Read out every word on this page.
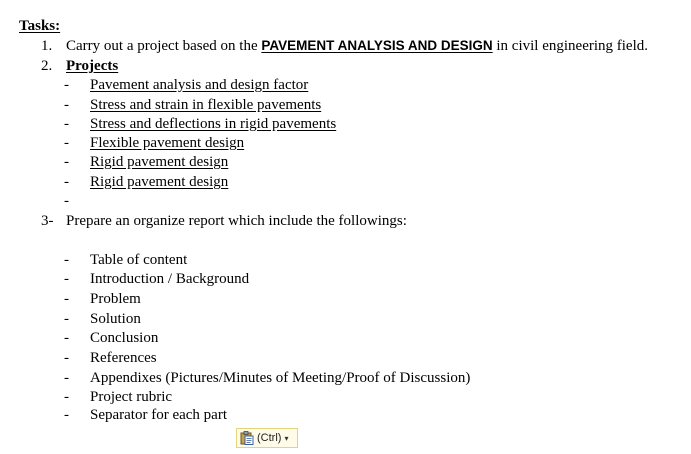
Tasks:
1. Carry out a project based on the PAVEMENT ANALYSIS AND DESIGN in civil engineering field.
2. Projects
- Pavement analysis and design factor
- Stress and strain in flexible pavements
- Stress and deflections in rigid pavements
- Flexible pavement design
- Rigid pavement design
- Rigid pavement design
-
3- Prepare an organize report which include the followings:
- Table of content
- Introduction / Background
- Problem
- Solution
- Conclusion
- References
- Appendixes (Pictures/Minutes of Meeting/Proof of Discussion)
- Project rubric
- Separator for each part
(Ctrl) ▾
